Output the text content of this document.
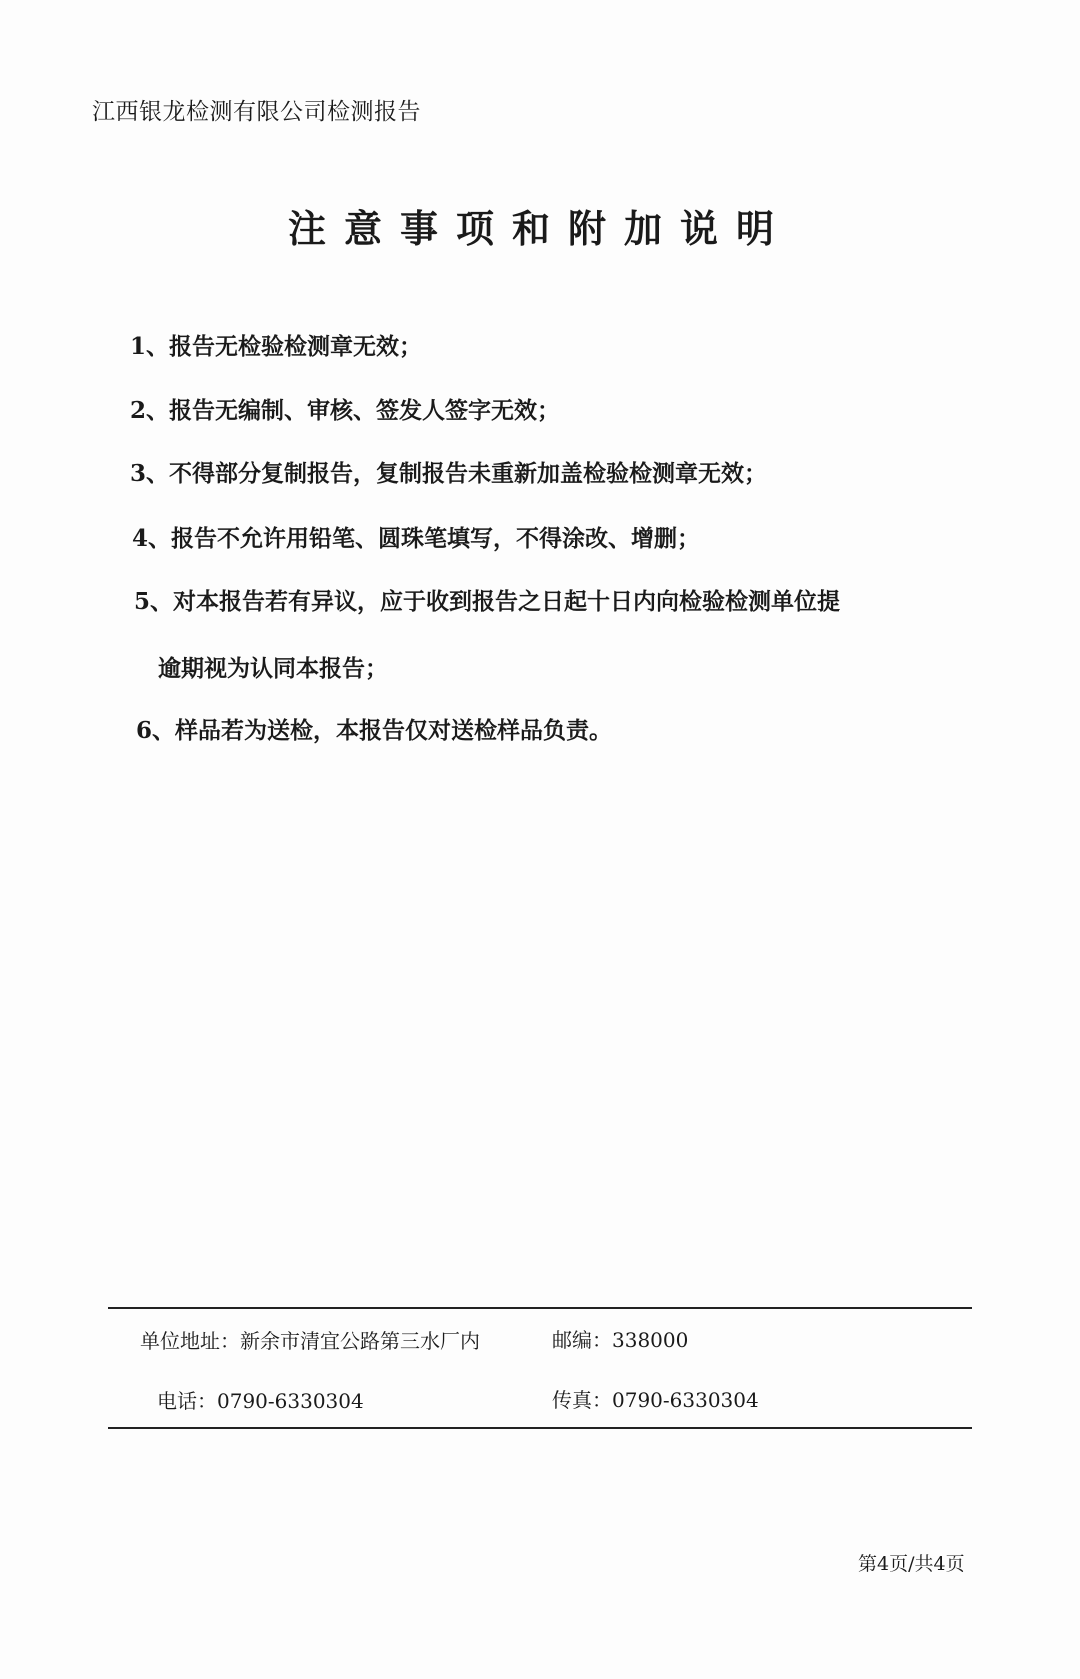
江西银龙检测有限公司检测报告
注意事项和附加说明
1、报告无检验检测章无效；
2、报告无编制、审核、签发人签字无效；
3、不得部分复制报告，复制报告未重新加盖检验检测章无效；
4、报告不允许用铅笔、圆珠笔填写，不得涂改、增删；
5、对本报告若有异议，应于收到报告之日起十日内向检验检测单位提
逾期视为认同本报告；
6、样品若为送检，本报告仅对送检样品负责。
单位地址：新余市清宜公路第三水厂内	邮编：338000
电话：0790-6330304	传真：0790-6330304
第4页/共4页
